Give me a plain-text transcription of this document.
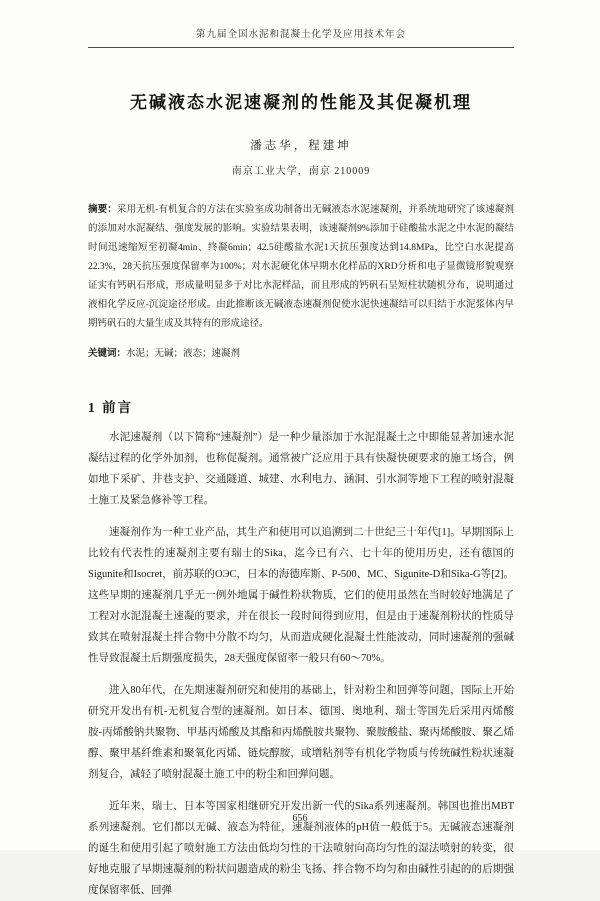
第九届全国水泥和混凝土化学及应用技术年会
无碱液态水泥速凝剂的性能及其促凝机理
潘志华，程建坤
南京工业大学，南京 210009

摘要：采用无机-有机复合的方法在实验室成功制备出无碱液态水泥速凝剂，并系统地研究了该速凝剂的添加对水泥凝结、强度发展的影响。实验结果表明，该速凝剂9%添加于硅酸盐水泥之中水泥的凝结时间迅速缩短至初凝4min、终凝6min；42.5硅酸盐水泥1天抗压强度达到14.8MPa，比空白水泥提高22.3%，28天抗压强度保留率为100%；对水泥硬化体早期水化样品的XRD分析和电子显微镜形貌观察证实有钙矾石形成，形成量明显多于对比水泥样品，而且形成的钙矾石呈短柱状随机分布，说明通过液相化学反应-沉淀途径形成。由此推断该无碱液态速凝剂促使水泥快速凝结可以归结于水泥浆体内早期钙矾石的大量生成及其特有的形成途径。

关键词：水泥；无碱；液态；速凝剂

1 前言

水泥速凝剂（以下简称“速凝剂”）是一种少量添加于水泥混凝土之中即能显著加速水泥凝结过程的化学外加剂，也称促凝剂。通常被广泛应用于具有快凝快硬要求的施工场合，例如地下采矿、井巷支护、交通隧道、城建、水利电力、涵洞、引水洞等地下工程的喷射混凝土施工及紧急修补等工程。

速凝剂作为一种工业产品，其生产和使用可以追溯到二十世纪三十年代[1]。早期国际上比较有代表性的速凝剂主要有瑞士的Sika，迄今已有六、七十年的使用历史，还有德国的Sigunite和Isocret，前苏联的ОЭС，日本的海德库斯、P-500、MC、Sigunite-D和Sika-G等[2]。这些早期的速凝剂几乎无一例外地属于碱性粉状物质，它们的使用虽然在当时较好地满足了工程对水泥混凝土速凝的要求，并在很长一段时间得到应用，但是由于速凝剂粉状的性质导致其在喷射混凝土拌合物中分散不均匀，从而造成硬化混凝土性能波动，同时速凝剂的强碱性导致混凝土后期强度损失，28天强度保留率一般只有60～70%。

进入80年代，在先期速凝剂研究和使用的基础上，针对粉尘和回弹等问题，国际上开始研究开发出有机-无机复合型的速凝剂。如日本、德国、奥地利、瑞士等国先后采用丙烯酸胺-丙烯酸钠共聚物、甲基丙烯酸及其酯和丙烯酰胺共聚物、聚胺酸盐、聚丙烯酸胺、聚乙烯醇、聚甲基纤维素和聚氧化丙烯、链烷醇胺，或增粘剂等有机化学物质与传统碱性粉状速凝剂复合，减轻了喷射混凝土施工中的粉尘和回弹问题。

近年来，瑞士、日本等国家相继研究开发出新一代的Sika系列速凝剂。韩国也推出MBT系列速凝剂。它们都以无碱、液态为特征，速凝剂液体的pH值一般低于5。无碱液态速凝剂的诞生和使用引起了喷射施工方法由低均匀性的干法喷射向高均匀性的湿法喷射的转变，很好地克服了早期速凝剂的粉状问题造成的粉尘飞扬、拌合物不均匀和由碱性引起的的后期强度保留率低、回弹

656
